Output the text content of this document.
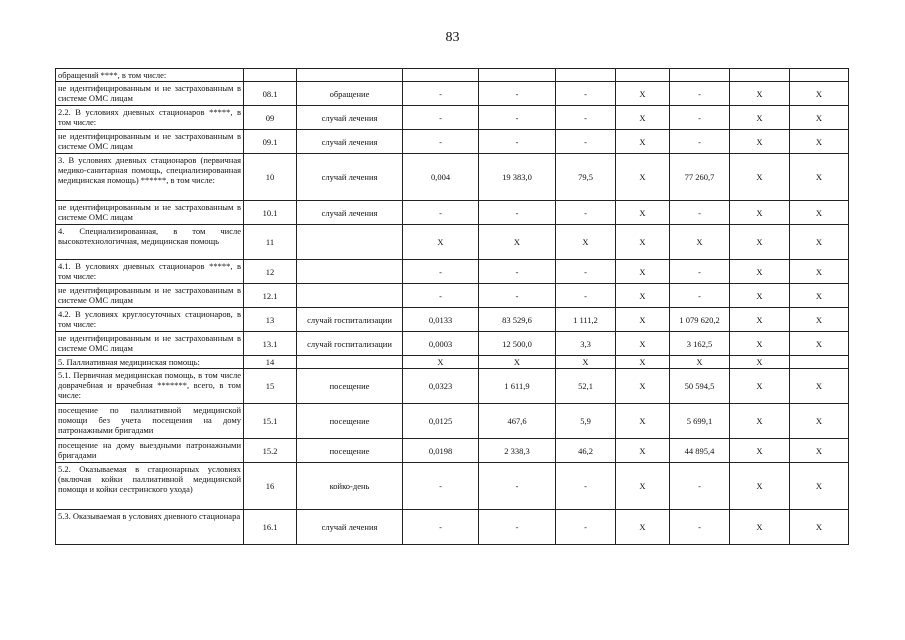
83
обращений ****, в том числе:									
не идентифицированным и не застрахованным в системе ОМС лицам	08.1	обращение	-	-	-	X	-	X	X
2.2. В условиях дневных стационаров *****, в том числе:	09	случай лечения	-	-	-	X	-	X	X
не идентифицированным и не застрахованным в системе ОМС лицам	09.1	случай лечения	-	-	-	X	-	X	X
3. В условиях дневных стационаров (первичная медико-санитарная помощь, специализированная медицинская помощь) ******, в том числе:	10	случай лечения	0,004	19 383,0	79,5	X	77 260,7	X	X
не идентифицированным и не застрахованным в системе ОМС лицам	10.1	случай лечения	-	-	-	X	-	X	X
4. Специализированная, в том числе высокотехнологичная, медицинская помощь	11		X	X	X	X	X	X	X
4.1. В условиях дневных стационаров *****, в том числе:	12		-	-	-	X	-	X	X
не идентифицированным и не застрахованным в системе ОМС лицам	12.1		-	-	-	X	-	X	X
4.2. В условиях круглосуточных стационаров, в том числе:	13	случай госпитализации	0,0133	83 529,6	1 111,2	X	1 079 620,2	X	X
не идентифицированным и не застрахованным в системе ОМС лицам	13.1	случай госпитализации	0,0003	12 500,0	3,3	X	3 162,5	X	X
5. Паллиативная медицинская помощь:	14		X	X	X	X	X	X	
5.1. Первичная медицинская помощь, в том числе доврачебная и врачебная *******, всего, в том числе:	15	посещение	0,0323	1 611,9	52,1	X	50 594,5	X	X
посещение по паллиативной медицинской помощи без учета посещения на дому патронажными бригадами	15.1	посещение	0,0125	467,6	5,9	X	5 699,1	X	X
посещение на дому выездными патронажными бригадами	15.2	посещение	0,0198	2 338,3	46,2	X	44 895,4	X	X
5.2. Оказываемая в стационарных условиях (включая койки паллиативной медицинской помощи и койки сестринского ухода)	16	койко-день	-	-	-	X	-	X	X
5.3. Оказываемая в условиях дневного стационара	16.1	случай лечения	-	-	-	X	-	X	X
